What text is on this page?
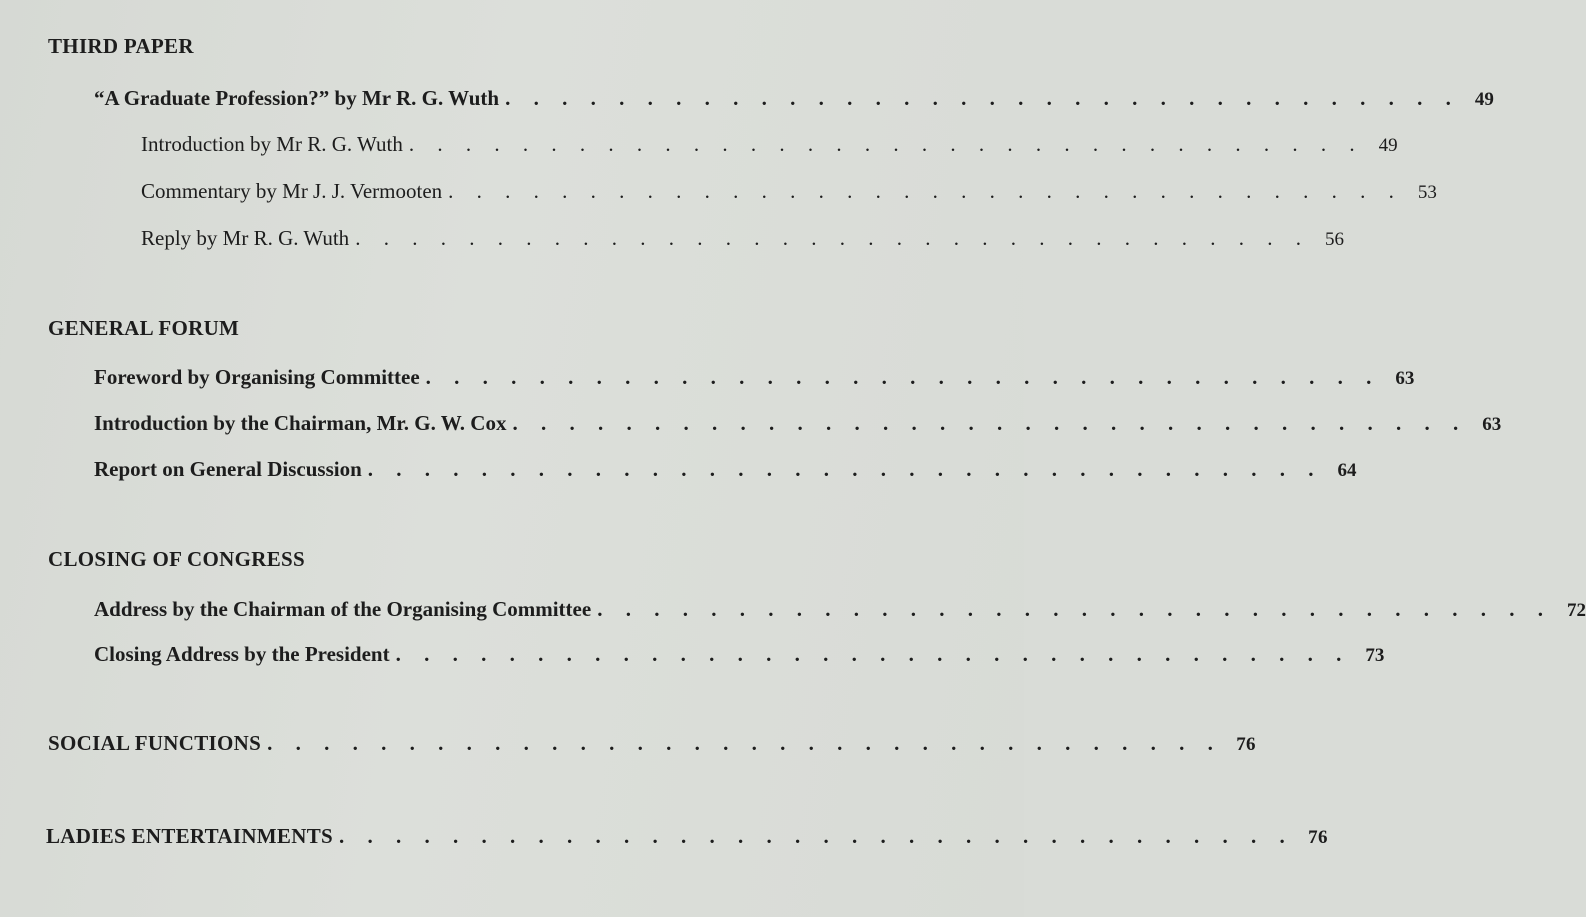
THIRD PAPER
“A Graduate Profession?” by Mr R. G. Wuth . . . . . . . . . . . . . . . . . . . . . . . . . . . . . . . . . . 49
Introduction by Mr R. G. Wuth . . . . . . . . . . . . . . . . . . . . . . . . . . . . . . . . . . 49
Commentary by Mr J. J. Vermooten . . . . . . . . . . . . . . . . . . . . . . . . . . . . . . . . . . 53
Reply by Mr R. G. Wuth . . . . . . . . . . . . . . . . . . . . . . . . . . . . . . . . . . 56
GENERAL FORUM
Foreword by Organising Committee . . . . . . . . . . . . . . . . . . . . . . . . . . . . . . . . . . 63
Introduction by the Chairman, Mr. G. W. Cox . . . . . . . . . . . . . . . . . . . . . . . . . . . . . . . . . . 63
Report on General Discussion . . . . . . . . . . . . . . . . . . . . . . . . . . . . . . . . . . 64
CLOSING OF CONGRESS
Address by the Chairman of the Organising Committee . . . . . . . . . . . . . . . . . . . . . . . . . . . . . . . . . . 72
Closing Address by the President . . . . . . . . . . . . . . . . . . . . . . . . . . . . . . . . . . 73
SOCIAL FUNCTIONS . . . . . . . . . . . . . . . . . . . . . . . . . . . . . . . . . . 76
LADIES ENTERTAINMENTS . . . . . . . . . . . . . . . . . . . . . . . . . . . . . . . . . . 76
